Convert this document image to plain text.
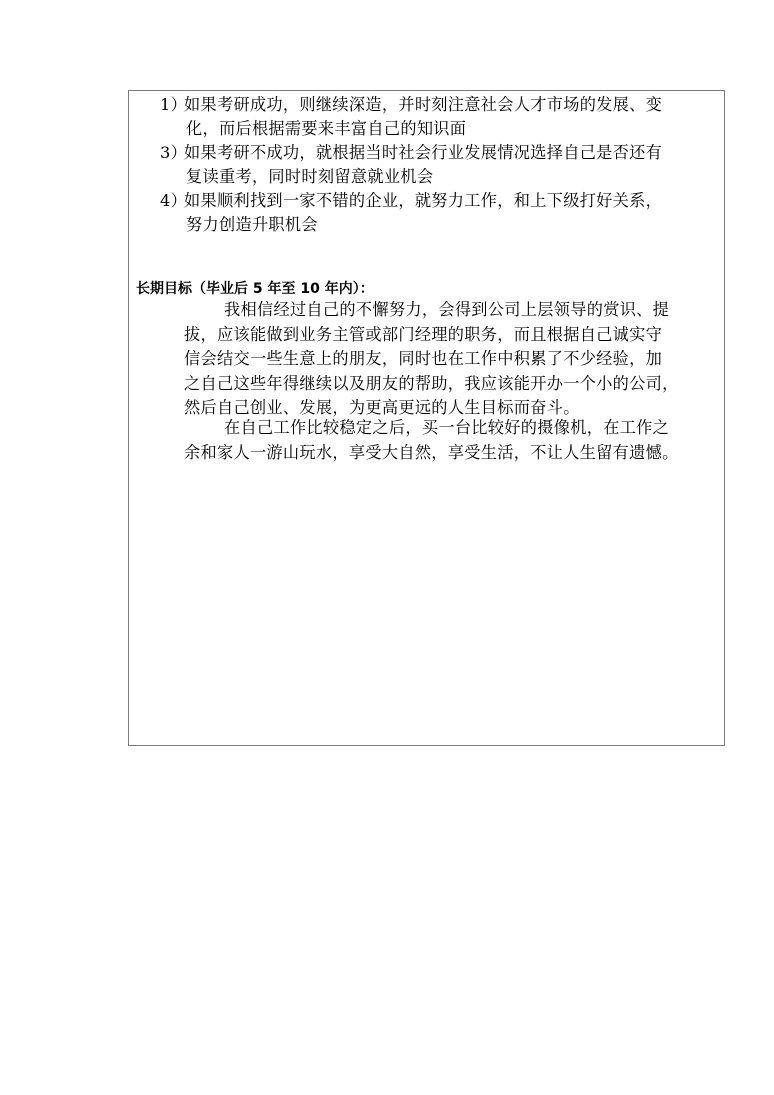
1）
如果考研成功，则继续深造，并时刻注意社会人才市场的发展、变
化，而后根据需要来丰富自己的知识面
3）
如果考研不成功，就根据当时社会行业发展情况选择自己是否还有
复读重考，同时时刻留意就业机会
4）
如果顺利找到一家不错的企业，就努力工作，和上下级打好关系，
努力创造升职机会
长期目标（毕业后 5 年至 10 年内）：

我相信经过自己的不懈努力，会得到公司上层领导的赏识、提
拔，应该能做到业务主管或部门经理的职务，而且根据自己诚实守
信会结交一些生意上的朋友，同时也在工作中积累了不少经验，加
之自己这些年得继续以及朋友的帮助，我应该能开办一个小的公司，
然后自己创业、发展，为更高更远的人生目标而奋斗。

在自己工作比较稳定之后，买一台比较好的摄像机，在工作之
余和家人一游山玩水，享受大自然，享受生活，不让人生留有遗憾。
